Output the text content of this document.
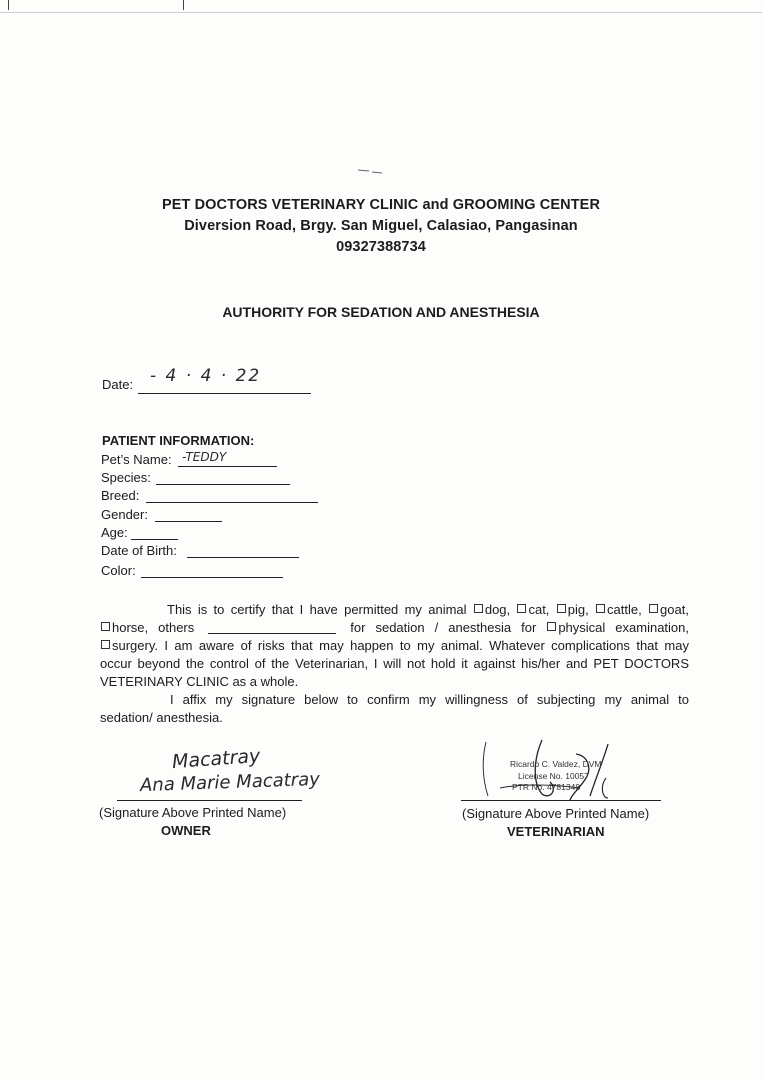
PET DOCTORS VETERINARY CLINIC and GROOMING CENTER
Diversion Road, Brgy. San Miguel, Calasiao, Pangasinan
09327388734
AUTHORITY FOR SEDATION AND ANESTHESIA
Date: - 4 · 4 · 22
PATIENT INFORMATION:
Pet’s Name: -TEDDY
Species:
Breed:
Gender:
Age:
Date of Birth:
Color:
This is to certify that I have permitted my animal dog, cat, pig, cattle, goat,
horse, others	for sedation / anesthesia for physical examination,
surgery. I am aware of risks that may happen to my animal. Whatever complications that may
occur beyond the control of the Veterinarian, I will not hold it against his/her and PET DOCTORS
VETERINARY CLINIC as a whole.
I affix my signature below to confirm my willingness of subjecting my animal to
sedation/ anesthesia.
Macatray
Ana Marie Macatray
(Signature Above Printed Name)
OWNER
Ricardo C. Valdez, DVM
License No. 10057
PTR No. 4781348
(Signature Above Printed Name)
VETERINARIAN
